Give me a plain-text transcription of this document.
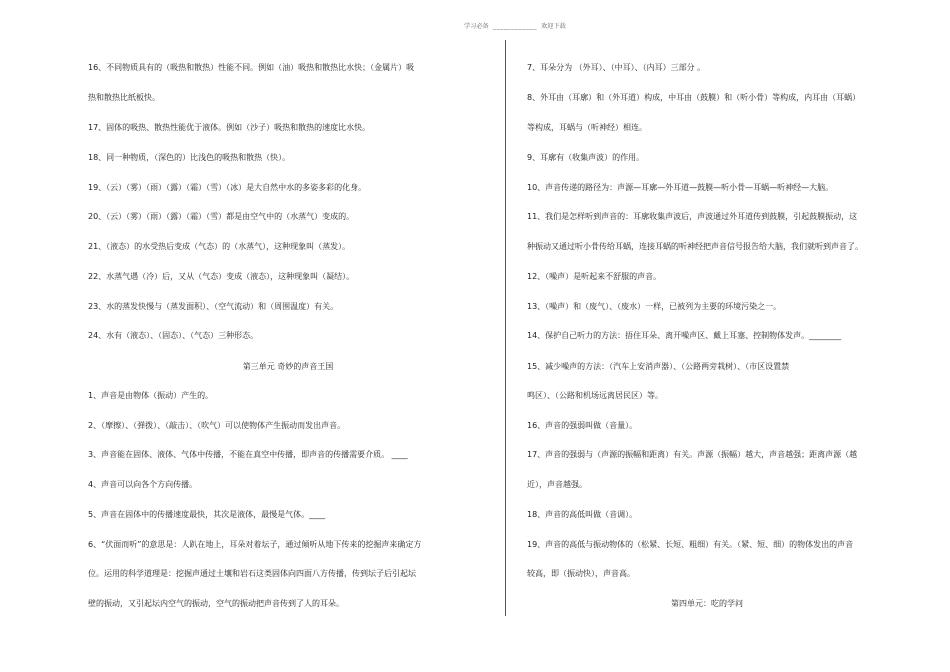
学习必备 ____________ 欢迎下载
16、不同物质具有的（吸热和散热）性能不同。例如（油）吸热和散热比水快；（金属片）吸
热和散热比纸板快。
17、固体的吸热、散热性能优于液体。例如（沙子）吸热和散热的速度比水快。
18、同一种物质，（深色的）比浅色的吸热和散热（快）。
19、（云）（雾）（雨）（露）（霜）（雪）（冰）是大自然中水的多姿多彩的化身。
20、（云）（雾）（雨）（露）（霜）（雪）都是由空气中的（水蒸气）变成的。
21、（液态）的水受热后变成（气态）的（水蒸气），这种现象叫（蒸发）。
22、水蒸气遇（冷）后，又从（气态）变成（液态），这种现象叫（凝结）。
23、水的蒸发快慢与（蒸发面积）、（空气流动）和（周围温度）有关。
24、水有（液态）、（固态）、（气态）三种形态。
第三单元 奇妙的声音王国
1、声音是由物体（振动）产生的。
2、（摩擦）、（弹拨）、（敲击）、（吹气）可以使物体产生振动而发出声音。
3、声音能在固体、液体、气体中传播，不能在真空中传播，即声音的传播需要介质。 ____
4、声音可以向各个方向传播。
5、声音在固体中的传播速度最快，其次是液体，最慢是气体。____
6、“伏面而听”的意思是：人趴在地上，耳朵对着坛子，通过倾听从地下传来的挖掘声来确定方
位。运用的科学道理是：挖掘声通过土壤和岩石这类固体向四面八方传播，传到坛子后引起坛
壁的振动，又引起坛内空气的振动，空气的振动把声音传到了人的耳朵。
7、耳朵分为 （外耳）、（中耳）、（内耳）三部分 。
8、外耳由（耳廓）和（外耳道）构成，中耳由（鼓膜）和（听小骨）等构成，内耳由（耳蜗）
等构成，耳蜗与（听神经）相连。
9、耳廓有（收集声波）的作用。
10、声音传递的路径为：声源—耳廓—外耳道—鼓膜—听小骨—耳蜗—听神经—大脑。
11、我们是怎样听到声音的：耳廓收集声波后，声波通过外耳道传到鼓膜，引起鼓膜振动，这
种振动又通过听小骨传给耳蜗，连接耳蜗的听神经把声音信号报告给大脑，我们就听到声音了。
12、（噪声）是听起来不舒服的声音。
13、（噪声）和（废气）、（废水）一样，已被列为主要的环境污染之一。
14、保护自己听力的方法：捂住耳朵、离开噪声区、戴上耳塞、控制物体发声。________
15、减少噪声的方法：（汽车上安消声器）、（公路两旁栽树）、（市区设置禁
鸣区）、（公路和机场远离居民区）等。
16、声音的强弱叫做（音量）。
17、声音的强弱与（声源的振幅和距离）有关。声源（振幅）越大，声音越强；距离声源（越
近），声音越强。
18、声音的高低叫做（音调）。
19、声音的高低与振动物体的（松紧、长短、粗细）有关。（紧、短、细）的物体发出的声音
较高，即（振动快），声音高。
第四单元：吃的学问
